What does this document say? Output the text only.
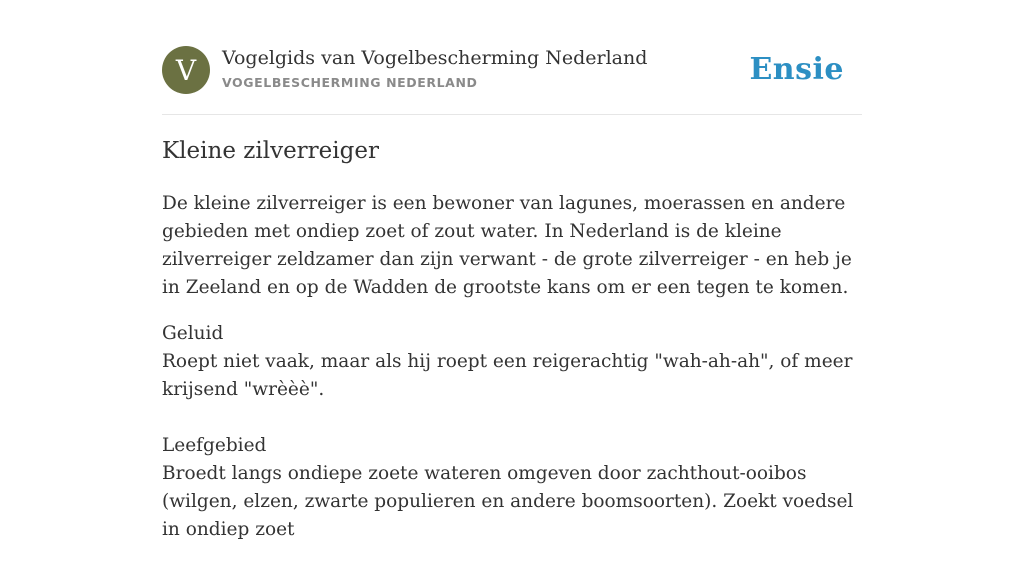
V	Vogelgids van Vogelbescherming Nederland
VOGELBESCHERMING NEDERLAND	Ensie
Kleine zilverreiger

De kleine zilverreiger is een bewoner van lagunes, moerassen en andere gebieden met ondiep zoet of zout water. In Nederland is de kleine zilverreiger zeldzamer dan zijn verwant - de grote zilverreiger - en heb je in Zeeland en op de Wadden de grootste kans om er een tegen te komen.

Geluid
Roept niet vaak, maar als hij roept een reigerachtig "wah-ah-ah", of meer krijsend "wrèèè".
Leefgebied
Broedt langs ondiepe zoete wateren omgeven door zachthout-ooibos (wilgen, elzen, zwarte populieren en andere boomsoorten). Zoekt voedsel in ondiep zoet
